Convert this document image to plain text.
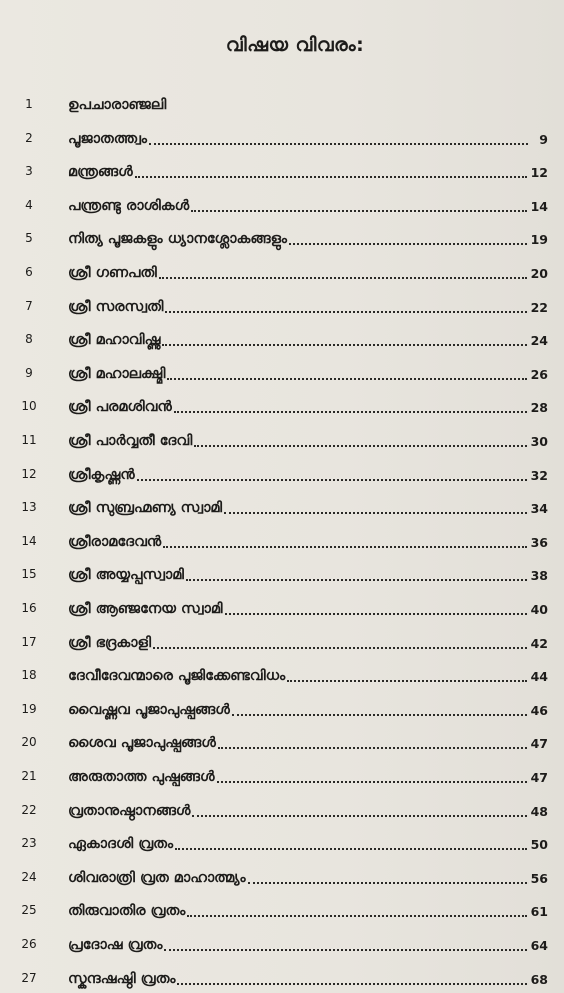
വിഷയ വിവരം:
1	ഉപചാരാഞ്ജലി
2	പൂജാതത്ത്വം	9
3	മന്ത്രങ്ങൾ	12
4	പന്ത്രണ്ടു രാശികൾ	14
5	നിത്യ പൂജകളും ധ്യാനശ്ലോകങ്ങളും	19
6	ശ്രീ ഗണപതി	20
7	ശ്രീ സരസ്വതി	22
8	ശ്രീ മഹാവിഷ്ണു	24
9	ശ്രീ മഹാലക്ഷ്മി	26
10	ശ്രീ പരമശിവൻ	28
11	ശ്രീ പാർവ്വതീ ദേവി	30
12	ശ്രീകൃഷ്ണൻ	32
13	ശ്രീ സുബ്രഹ്മണ്യ സ്വാമി	34
14	ശ്രീരാമദേവൻ	36
15	ശ്രീ അയ്യപ്പസ്വാമി	38
16	ശ്രീ ആഞ്ജനേയ സ്വാമി	40
17	ശ്രീ ഭദ്രകാളി	42
18	ദേവീദേവന്മാരെ പൂജിക്കേണ്ടവിധം	44
19	വൈഷ്ണവ പൂജാപുഷ്പങ്ങൾ	46
20	ശൈവ പൂജാപുഷ്പങ്ങൾ	47
21	അരുതാത്ത പുഷ്പങ്ങൾ	47
22	വ്രതാനുഷ്ഠാനങ്ങൾ	48
23	ഏകാദശി വ്രതം	50
24	ശിവരാത്രി വ്രത മാഹാത്മ്യം	56
25	തിരുവാതിര വ്രതം	61
26	പ്രദോഷ വ്രതം	64
27	സ്കന്ദഷഷ്ഠി വ്രതം	68
